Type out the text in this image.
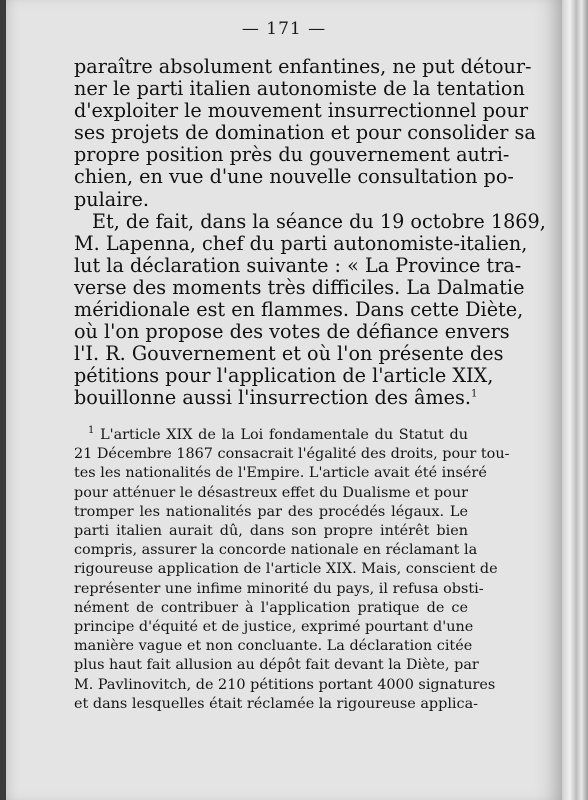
— 171 —
paraître absolument enfantines, ne put détour-
ner le parti italien autonomiste de la tentation
d'exploiter le mouvement insurrectionnel pour
ses projets de domination et pour consolider sa
propre position près du gouvernement autri-
chien, en vue d'une nouvelle consultation po-
pulaire.
Et, de fait, dans la séance du 19 octobre 1869,
M. Lapenna, chef du parti autonomiste-italien,
lut la déclaration suivante : « La Province tra-
verse des moments très difficiles. La Dalmatie
méridionale est en flammes. Dans cette Diète,
où l'on propose des votes de défiance envers
l'I. R. Gouvernement et où l'on présente des
pétitions pour l'application de l'article XIX,
bouillonne aussi l'insurrection des âmes.$^1$
$^1$ L'article XIX de la Loi fondamentale du Statut du
21 Décembre 1867 consacrait l'égalité des droits, pour tou-
tes les nationalités de l'Empire. L'article avait été inséré
pour atténuer le désastreux effet du Dualisme et pour
tromper les nationalités par des procédés légaux. Le
parti italien aurait dû, dans son propre intérêt bien
compris, assurer la concorde nationale en réclamant la
rigoureuse application de l'article XIX. Mais, conscient de
représenter une infime minorité du pays, il refusa obsti-
nément de contribuer à l'application pratique de ce
principe d'équité et de justice, exprimé pourtant d'une
manière vague et non concluante. La déclaration citée
plus haut fait allusion au dépôt fait devant la Diète, par
M. Pavlinovitch, de 210 pétitions portant 4000 signatures
et dans lesquelles était réclamée la rigoureuse applica-
